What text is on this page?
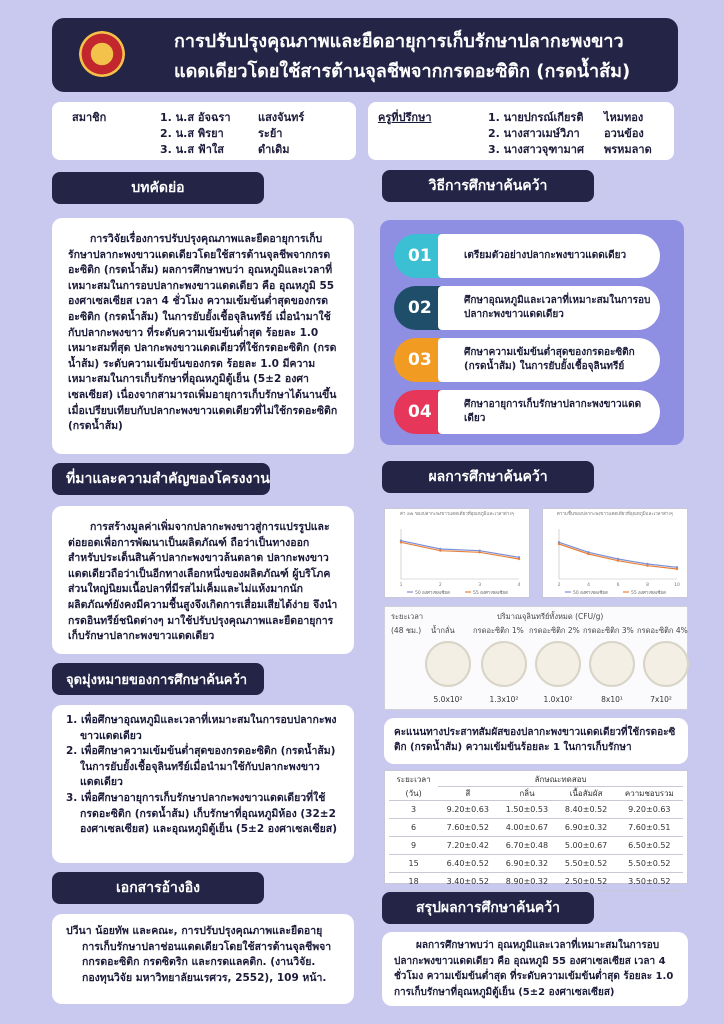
การปรับปรุงคุณภาพและยืดอายุการเก็บรักษาปลากะพงขาว
แดดเดียวโดยใช้สารต้านจุลชีพจากกรดอะซิติก (กรดน้ำส้ม)
สมาชิก	1. น.ส อัจฉรา แสงจันทร์
2. น.ส พิรยา	ระย้า
3. น.ส ฟ้าใส	ดำเดิม
ครูที่ปรึกษา	1. นายปกรณ์เกียรติ ไหมทอง
2. นางสาวเมษ์วิภา อวนข้อง
3. นางสาวจุฑามาศ พรหมลาด
บทคัดย่อ

การวิจัยเรื่องการปรับปรุงคุณภาพและยืดอายุการเก็บรักษาปลากะพงขาวแดดเดียวโดยใช้สารต้านจุลชีพจากกรดอะซิติก (กรดน้ำส้ม) ผลการศึกษาพบว่า อุณหภูมิและเวลาที่เหมาะสมในการอบปลากะพงขาวแดดเดียว คือ อุณหภูมิ 55 องศาเซลเซียส เวลา 4 ชั่วโมง ความเข้มข้นต่ำสุดของกรดอะซิติก (กรดน้ำส้ม) ในการยับยั้งเชื้อจุลินทรีย์ เมื่อนำมาใช้กับปลากะพงขาว ที่ระดับความเข้มข้นต่ำสุด ร้อยละ 1.0 เหมาะสมที่สุด ปลากะพงขาวแดดเดียวที่ใช้กรดอะซิติก (กรดน้ำส้ม) ระดับความเข้มข้นของกรด ร้อยละ 1.0 มีความเหมาะสมในการเก็บรักษาที่อุณหภูมิตู้เย็น (5±2 องศาเซลเซียส) เนื่องจากสามารถเพิ่มอายุการเก็บรักษาได้นานขึ้น เมื่อเปรียบเทียบกับปลากะพงขาวแดดเดียวที่ไม่ใช้กรดอะซิติก (กรดน้ำส้ม)

ที่มาและความสำคัญของโครงงาน

การสร้างมูลค่าเพิ่มจากปลากะพงขาวสู่การแปรรูปและต่อยอดเพื่อการพัฒนาเป็นผลิตภัณฑ์ ถือว่าเป็นทางออกสำหรับประเด็นสินค้าปลากะพงขาวล้นตลาด ปลากะพงขาวแดดเดียวถือว่าเป็นอีกทางเลือกหนึ่งของผลิตภัณฑ์ ผู้บริโภคส่วนใหญ่นิยมเนื้อปลาที่มีรสไม่เค็มและไม่แห้งมากนัก ผลิตภัณฑ์ยังคงมีความชื้นสูงจึงเกิดการเสื่อมเสียได้ง่าย จึงนำกรดอินทรีย์ชนิดต่างๆ มาใช้ปรับปรุงคุณภาพและยืดอายุการเก็บรักษาปลากะพงขาวแดดเดียว

จุดมุ่งหมายของการศึกษาค้นคว้า
1. เพื่อศึกษาอุณหภูมิและเวลาที่เหมาะสมในการอบปลากะพงขาวแดดเดียว
2. เพื่อศึกษาความเข้มข้นต่ำสุดของกรดอะซิติก (กรดน้ำส้ม) ในการยับยั้งเชื้อจุลินทรีย์เมื่อนำมาใช้กับปลากะพงขาวแดดเดียว
3. เพื่อศึกษาอายุการเก็บรักษาปลากะพงขาวแดดเดียวที่ใช้กรดอะซิติก (กรดน้ำส้ม) เก็บรักษาที่อุณหภูมิห้อง (32±2 องศาเซลเซียส) และอุณหภูมิตู้เย็น (5±2 องศาเซลเซียส)
เอกสารอ้างอิง
ปวีนา น้อยทัพ และคณะ, การปรับปรุงคุณภาพและยืดอายุการเก็บรักษาปลาช่อนแดดเดียวโดยใช้สารต้านจุลชีพจากกรดอะซิติก กรดซิตริก และกรดแลคติก. (งานวิจัย. กองทุนวิจัย มหาวิทยาลัยนเรศวร, 2552), 109 หน้า.
วิธีการศึกษาค้นคว้า
01	เตรียมตัวอย่างปลากะพงขาวแดดเดียว
02	ศึกษาอุณหภูมิและเวลาที่เหมาะสมในการอบปลากะพงขาวแดดเดียว
03	ศึกษาความเข้มข้นต่ำสุดของกรดอะซิติก (กรดน้ำส้ม) ในการยับยั้งเชื้อจุลินทรีย์
04	ศึกษาอายุการเก็บรักษาปลากะพงขาวแดดเดียว
ผลการศึกษาค้นคว้า
ค่า aw ของปลากะพงขาวแดดเดียวที่อุณหภูมิและเวลาต่างๆ
1	2	3	4
50 องศาเซลเซียส	55 องศาเซลเซียส
ความชื้นของปลากะพงขาวแดดเดียวที่อุณหภูมิและเวลาต่างๆ
2	4	6	8	10
50 องศาเซลเซียส	55 องศาเซลเซียส
ระยะเวลา
(48 ชม.)
ปริมาณจุลินทรีย์ทั้งหมด (CFU/g)
น้ำกลั่น กรดอะซิติก 1% กรดอะซิติก 2% กรดอะซิติก 3% กรดอะซิติก 4%
5.0x10²	1.3x10²	1.0x10²	8x10¹	7x10²
คะแนนทางประสาทสัมผัสของปลากะพงขาวแดดเดียวที่ใช้กรดอะซิติก (กรดน้ำส้ม) ความเข้มข้นร้อยละ 1 ในการเก็บรักษา
ระยะเวลา	ลักษณะทดสอบ			
(วัน)	สี	กลิ่น	เนื้อสัมผัส	ความชอบรวม
3	9.20±0.63	1.50±0.53	8.40±0.52	9.20±0.63
6	7.60±0.52	4.00±0.67	6.90±0.32	7.60±0.51
9	7.20±0.42	6.70±0.48	5.00±0.67	6.50±0.52
15	6.40±0.52	6.90±0.32	5.50±0.52	5.50±0.52
18	3.40±0.52	8.90±0.32	2.50±0.52	3.50±0.52
สรุปผลการศึกษาค้นคว้า

ผลการศึกษาพบว่า อุณหภูมิและเวลาที่เหมาะสมในการอบปลากะพงขาวแดดเดียว คือ อุณหภูมิ 55 องศาเซลเซียส เวลา 4 ชั่วโมง ความเข้มข้นต่ำสุด ที่ระดับความเข้มข้นต่ำสุด ร้อยละ 1.0 การเก็บรักษาที่อุณหภูมิตู้เย็น (5±2 องศาเซลเซียส)
